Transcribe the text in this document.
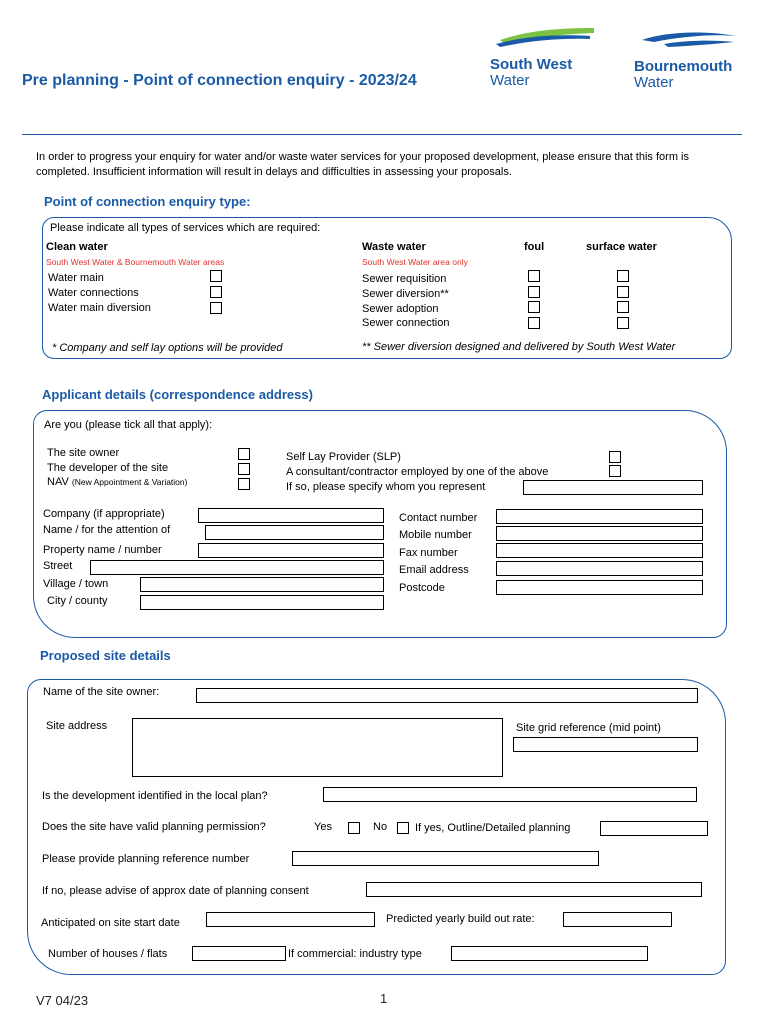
Pre planning - Point of connection enquiry - 2023/24
South West
Water
Bournemouth
Water
In order to progress your enquiry for water and/or waste water services for your proposed development, please ensure that this form is completed. Insufficient information will result in delays and difficulties in assessing your proposals.
Point of connection enquiry type:
Please indicate all types of services which are required:
Clean water
South West Water & Bournemouth Water areas
Water main
Water connections
Water main diversion
Waste water	foul	surface water
South West Water area only
Sewer requisition
Sewer diversion**
Sewer adoption
Sewer connection
* Company and self lay options will be provided	** Sewer diversion designed and delivered by South West Water
Applicant details (correspondence address)
Are you (please tick all that apply):
The site owner
The developer of the site
NAV (New Appointment & Variation)
Self Lay Provider (SLP)
A consultant/contractor employed by one of the above
If so, please specify whom you represent
Company (if appropriate)
Name / for the attention of
Property name / number
Street
Village / town
City / county
Contact number
Mobile number
Fax number
Email address
Postcode
Proposed site details
Name of the site owner:
Site address	Site grid reference (mid point)
Is the development identified in the local plan?
Does the site have valid planning permission?	Yes	No	If yes, Outline/Detailed planning
Please provide planning reference number
If no, please advise of approx date of planning consent
Anticipated on site start date	Predicted yearly build out rate:
Number of houses / flats	If commercial: industry type
V7 04/23	1
